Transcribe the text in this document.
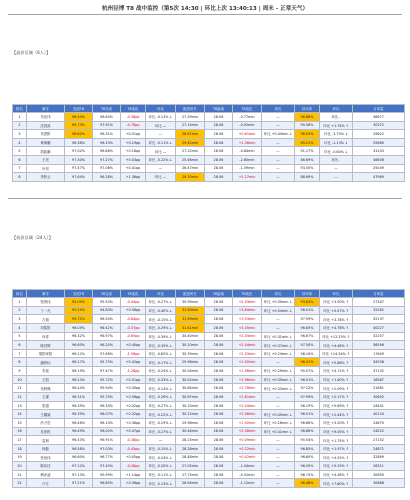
杭州径博 T8 战中监控（第5次 14:30 | 环比上次 13:40:13 | 周末 - 正常天气）
【高价区域（6人）】
排名	骑手	完成T8	T8完成	T8变化	环比	配送时长	T8距离	T8变化	环比	好评率	环比	订单量
1	朱佳伟	96.54%	96.64%	-0.38pp	环比 -0.13% ↓	27.29min	28.06	-0.77min	—	96.86%	环比 -	46677
2	沈智凯	95.73%	97.91%	-0.78pp	环比 —	27.14min	28.06	-0.92min	—	95.58%	环比 +1.74% ↑	30372
3	朱思彬	96.62%	96.31%	+0.51pp	—	28.67min	28.06	+0.61min	环比 +0.44min ↓	96.93%	环比 -3.70% ↓	29622
4	黄海鹏	96.38%	96.19%	+0.19pp	环比 -0.11% ↓	29.42min	28.06	+1.36min	—	89.21%	环比 -1.13% ↓	29680
5	胡凯鹏	97.02%	96.86%	+0.16pp	环比 —	27.22min	28.06	-0.84min	—	91.17%	环比 -0.60% ↓	31203
6	王亮	97.30%	97.27%	+0.03pp	环比 -0.22% ↓	25.46min	28.06	-2.60min	—	86.69%	环比 -	46606
7	叶昊	97.47%	97.06%	+0.41pp	—	26.47min	28.06	-1.59min	—	93.50%	—	25049
8	李欣云	97.64%	96.28%	+1.36pp	环比 —	29.33min	28.06	+1.27min	—	88.69%	—	47969
【低价区域（24人）】
排名	骑手	完成T8	T8完成	T8变化	环比	配送时长	T8距离	T8变化	环比	好评率	环比	订单量
1	张景伟	95.09%	95.53%	-0.44pp	环比 -0.27% ↓	30.99min	28.06	+2.93min	环比 +0.30min ↓	93.83%	环比 +3.50% ↑	27347
2	丁一凡	95.29%	94.83%	+0.56pp	环比 -0.40% ↓	31.90min	28.06	+3.84min	环比 +0.54min ↓	98.01%	环比 +0.57% ↑	32582
3	古瑞	95.72%	96.54%	-0.84pp	环比 -0.15% ↓	31.99min	28.06	+3.93min	—	97.59%	环比 +3.78% ↑	32137
4	刘铭阳	96.05%	96.42%	-0.37pp	环比 -0.29% ↓	31.41min	28.06	+3.35min	—	96.65%	环比 +4.78% ↑	40227
5	何青	96.32%	96.97%	-0.65pp	环比 -0.39% ↓	30.40min	28.06	+2.34min	环比 +0.31min ↓	96.67%	环比 +12.25% ↑	32257
6	陈昌辉	96.60%	96.20%	+0.40pp	环比 -0.35% ↓	30.10min	28.06	+2.04min	环比 +0.37min ↓	97.50%	环比 +4.46% ↑	36596
7	胡阳家阳	96.12%	97.68%	-1.56pp	环比 -0.62% ↓	30.39min	28.06	+2.33min	环比 +0.24min ↓	98.16%	环比 +14.34% ↑	17649
8	潘梓标	96.17%	95.75%	+0.42pp	环比 -0.17% ↓	29.98min	28.06	+1.92min	—	96.41%	环比 +5.86% ↑	34536
9	朱庭	96.19%	97.47%	-1.28pp	环比 -0.24% ↓	30.04min	28.06	+1.98min	环比 +0.29min ↓	95.57%	环比 +4.71% ↑	37132
10	王凯	96.23%	95.72%	+0.51pp	环比 -0.33% ↓	30.02min	28.06	+1.96min	环比 +0.35min ↓	96.51%	环比 +1.40% ↑	16587
11	吴利佩	96.24%	95.94%	+0.30pp	环比 -0.14% ↓	30.84min	28.06	+2.78min	环比 +0.33min ↓	97.22%	环比 +2.09% ↑	21881
12	王濠	96.31%	95.75%	+0.56pp	环比 -0.26% ↓	30.87min	28.06	+2.81min	—	97.99%	环比 +2.17% ↑	30692
13	张超	96.35%	96.33%	+0.02pp	环比 -0.27% ↓	30.10min	28.06	+2.04min	—	96.19%	环比 +5.69% ↑	24441
14	王耀斌	96.39%	96.07%	+0.32pp	环比 -0.22% ↓	30.12min	28.06	+2.06min	环比 +0.45min ↓	96.51%	环比 +2.44% ↑	40124
15	冯子语	96.46%	96.10%	+0.36pp	环比 -0.19% ↓	29.98min	28.06	+1.92min	环比 +0.26min ↓	96.66%	环比 +3.20% ↑	24670
16	吴家栋	96.49%	96.02%	+0.47pp	环比 -0.27% ↓	30.44min	28.06	+2.38min	环比 +0.41min ↓	96.86%	环比 +9.05% ↑	24522
17	雷晨	96.53%	96.91%	-0.38pp	—	28.15min	28.06	+0.09min	—	95.54%	环比 +1.75% ↑	27152
18	杨磊	96.58%	97.03%	-0.45pp	环比 -0.15% ↓	28.28min	28.06	+0.22min	—	96.85%	环比 +1.97% ↑	24871
19	张佰伟	96.60%	96.77%	+0.05pp	环比 -0.24% ↓	28.48min	28.06	+0.42min	—	96.60%	环比 +4.52% ↑	32869
20	陈庆佳	97.12%	97.40%	-0.28pp	环比 -0.20% ↓	27.02min	28.06	-1.04min	—	96.09%	环比 +5.29% ↑	26311
21	梅亦凌	97.13%	95.99%	+1.14pp	环比 -0.11% ↓	27.75min	28.06	-0.31min	—	96.74%	环比 +4.46% ↑	30693
22	卢江	97.21%	96.85%	+0.36pp	环比 -0.13% ↓	26.94min	28.06	-1.12min	—	96.48%	环比 +7.80% ↑	30688
